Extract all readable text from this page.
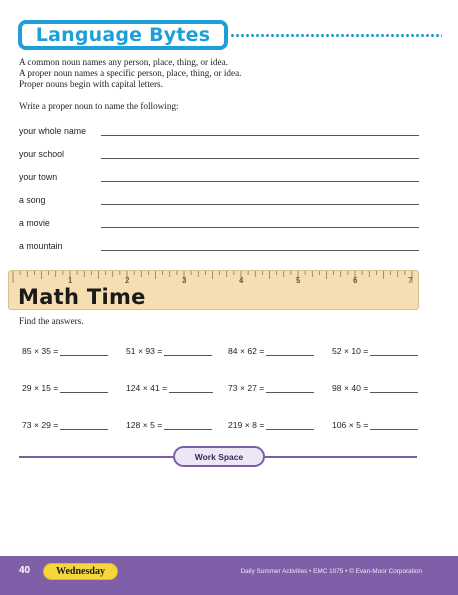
Language Bytes
A common noun names any person, place, thing, or idea.
A proper noun names a specific person, place, thing, or idea.
Proper nouns begin with capital letters.
Write a proper noun to name the following:
your whole name
your school
your town
a song
a movie
a mountain
1	2	3	4	5	6	7
Math Time
Find the answers.
85 × 35 =	51 × 93 =	84 × 62 =	52 × 10 =
29 × 15 =	124 × 41 =	73 × 27 =	98 × 40 =
73 × 29 =	128 × 5 =	219 × 8 =	106 × 5 =
Work Space
40	Wednesday	Daily Summer Activities • EMC 1075 • © Evan-Moor Corporation
